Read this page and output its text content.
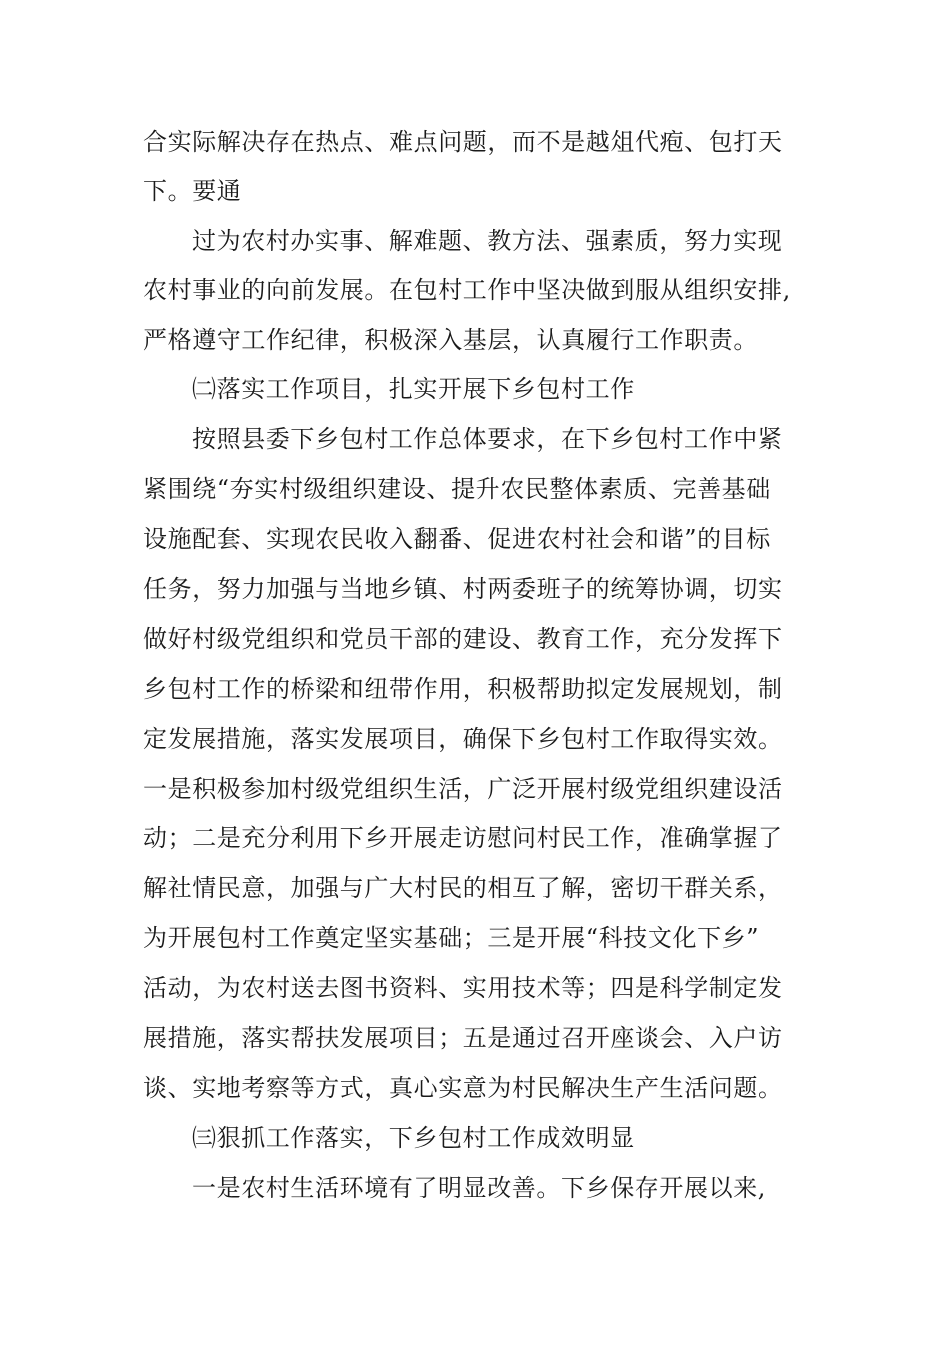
合实际解决存在热点、难点问题，而不是越俎代疱、包打天
下。要通
过为农村办实事、解难题、教方法、强素质，努力实现
农村事业的向前发展。在包村工作中坚决做到服从组织安排,
严格遵守工作纪律，积极深入基层，认真履行工作职责。
㈡落实工作项目，扎实开展下乡包村工作
按照县委下乡包村工作总体要求，在下乡包村工作中紧
紧围绕“夯实村级组织建设、提升农民整体素质、完善基础
设施配套、实现农民收入翻番、促进农村社会和谐”的目标
任务，努力加强与当地乡镇、村两委班子的统筹协调，切实
做好村级党组织和党员干部的建设、教育工作，充分发挥下
乡包村工作的桥梁和纽带作用，积极帮助拟定发展规划，制
定发展措施，落实发展项目，确保下乡包村工作取得实效。
一是积极参加村级党组织生活，广泛开展村级党组织建设活
动；二是充分利用下乡开展走访慰问村民工作，准确掌握了
解社情民意，加强与广大村民的相互了解，密切干群关系，
为开展包村工作奠定坚实基础；三是开展“科技文化下乡”
活动，为农村送去图书资料、实用技术等；四是科学制定发
展措施，落实帮扶发展项目；五是通过召开座谈会、入户访
谈、实地考察等方式，真心实意为村民解决生产生活问题。
㈢狠抓工作落实，下乡包村工作成效明显
一是农村生活环境有了明显改善。下乡保存开展以来,
